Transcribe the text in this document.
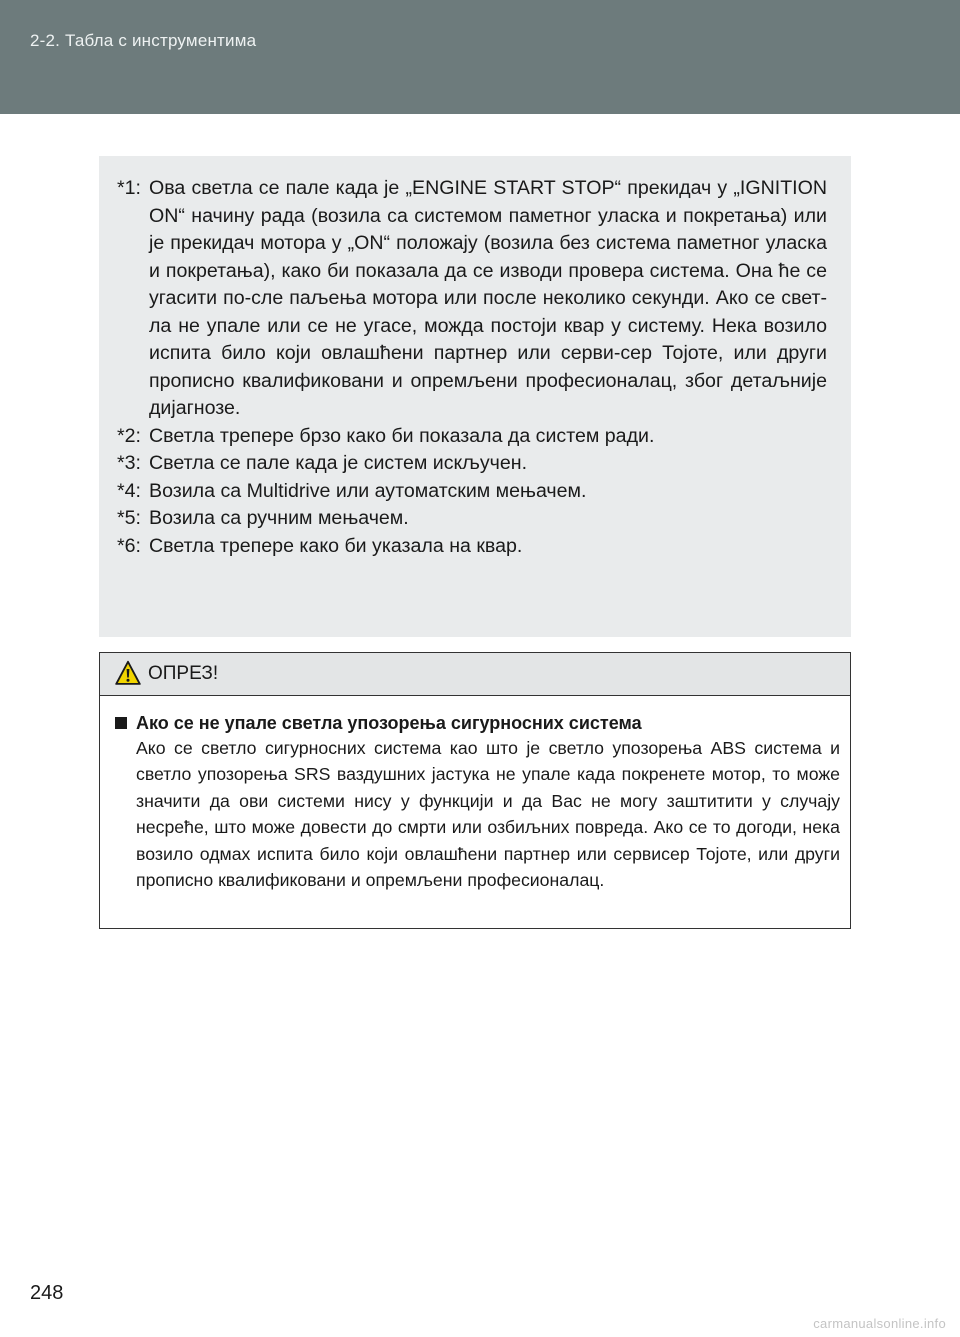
2-2. Табла с инструментима
*1: Ова светла се пале када је „ENGINE START STOP“ прекидач у „IGNITION ON“ начину рада (возила са системом паметног уласка и покретања) или је прекидач мотора у „ON“ положају (возила без система паметног уласка и покретања), како би показала да се изводи провера система. Она ће се угасити по-сле паљења мотора или после неколико секунди. Ако се свет-ла не упале или се не угасе, можда постоји квар у систему. Нека возило испита било који овлашћени партнер или серви-сер Тојоте, или други прописно квалификовани и опремљени професионалац, због детаљније дијагнозе.
*2: Светла трепере брзо како би показала да систем ради.
*3: Светла се пале када је систем искључен.
*4: Возила са Multidrive или аутоматским мењачем.
*5: Возила са ручним мењачем.
*6: Светла трепере како би указала на квар.
ОПРЕЗ!
Ако се не упале светла упозорења сигурносних система
Ако се светло сигурносних система као што је светло упозорења ABS система и светло упозорења SRS ваздушних јастука не упале када покренете мотор, то може значити да ови системи нису у функцији и да Вас не могу заштитити у случају несреће, што може довести до смрти или озбиљних повреда. Ако се то догоди, нека возило одмах испита било који овлашћени партнер или сервисер Тојоте, или други прописно квалификовани и опремљени професионалац.
248
carmanualsonline.info
